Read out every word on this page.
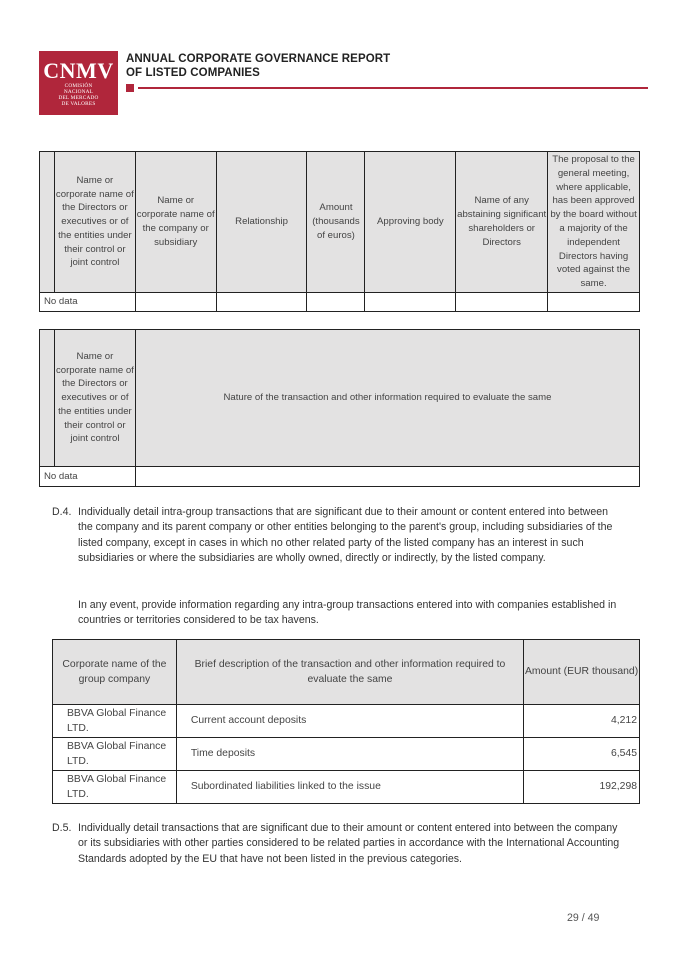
CNMV
COMISIÓN
NACIONAL
DEL MERCADO
DE VALORES
ANNUAL CORPORATE GOVERNANCE REPORT
OF LISTED COMPANIES
	Name or corporate name of the Directors or executives or of the entities under their control or joint control	Name or corporate name of the company or subsidiary	Relationship	Amount (thousands of euros)	Approving body	Name of any abstaining significant shareholders or Directors	The proposal to the general meeting, where applicable, has been approved by the board without a majority of the independent Directors having voted against the same.
No data							
	Name or corporate name of the Directors or executives or of the entities under their control or joint control	Nature of the transaction and other information required to evaluate the same
No data		
D.4. Individually detail intra-group transactions that are significant due to their amount or content entered into between the company and its parent company or other entities belonging to the parent's group, including subsidiaries of the listed company, except in cases in which no other related party of the listed company has an interest in such subsidiaries or where the subsidiaries are wholly owned, directly or indirectly, by the listed company.
In any event, provide information regarding any intra-group transactions entered into with companies established in countries or territories considered to be tax havens.
Corporate name of the group company	Brief description of the transaction and other information required to evaluate the same	Amount (EUR thousand)
BBVA Global Finance LTD.	Current account deposits	4,212
BBVA Global Finance LTD.	Time deposits	6,545
BBVA Global Finance LTD.	Subordinated liabilities linked to the issue	192,298
D.5. Individually detail transactions that are significant due to their amount or content entered into between the company or its subsidiaries with other parties considered to be related parties in accordance with the International Accounting Standards adopted by the EU that have not been listed in the previous categories.
29 / 49
